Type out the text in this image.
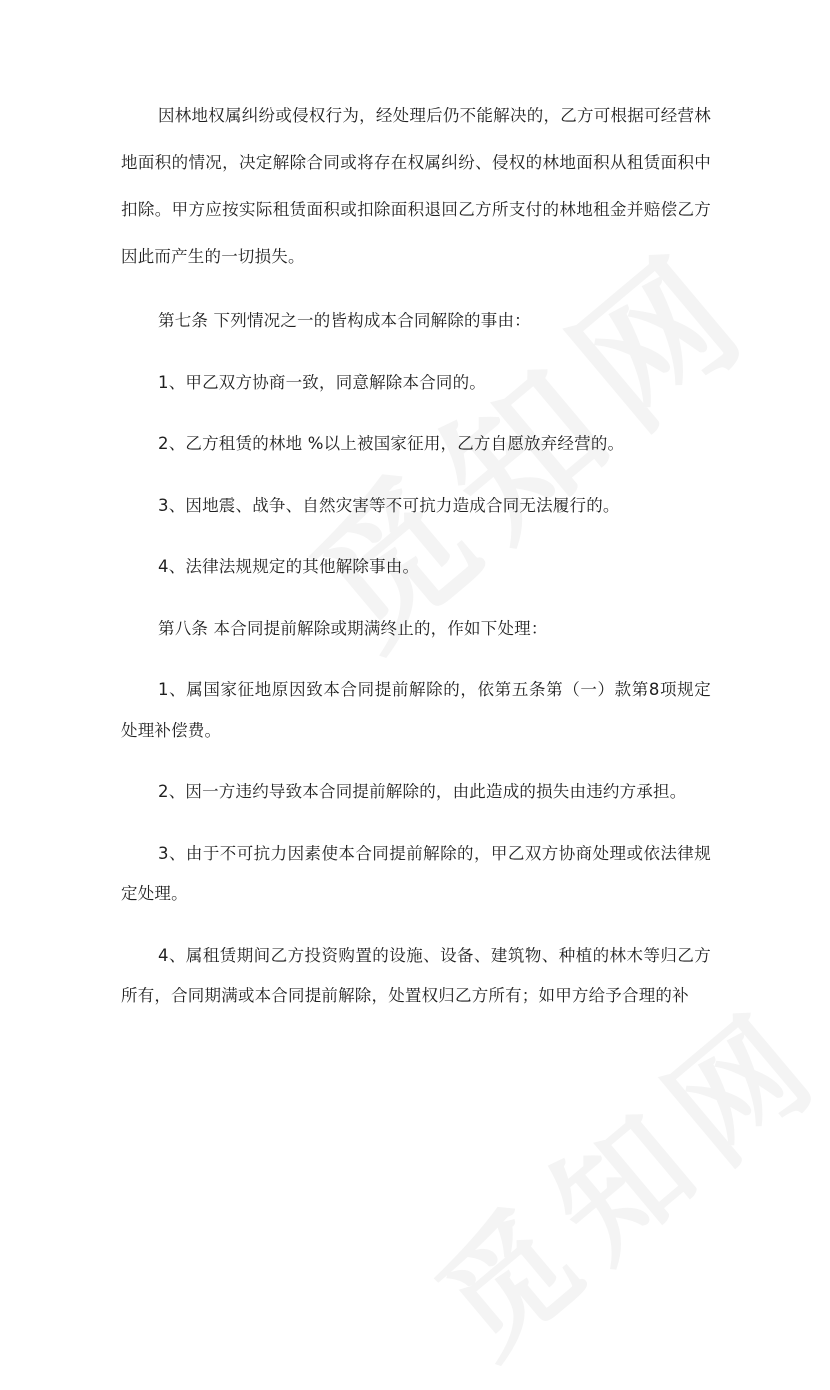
因林地权属纠纷或侵权行为，经处理后仍不能解决的，乙方可根据可经营林地面积的情况，决定解除合同或将存在权属纠纷、侵权的林地面积从租赁面积中扣除。甲方应按实际租赁面积或扣除面积退回乙方所支付的林地租金并赔偿乙方因此而产生的一切损失。

第七条 下列情况之一的皆构成本合同解除的事由：

1、甲乙双方协商一致，同意解除本合同的。

2、乙方租赁的林地 %以上被国家征用，乙方自愿放弃经营的。

3、因地震、战争、自然灾害等不可抗力造成合同无法履行的。

4、法律法规规定的其他解除事由。

第八条 本合同提前解除或期满终止的，作如下处理：

1、属国家征地原因致本合同提前解除的，依第五条第（一）款第8项规定处理补偿费。

2、因一方违约导致本合同提前解除的，由此造成的损失由违约方承担。

3、由于不可抗力因素使本合同提前解除的，甲乙双方协商处理或依法律规定处理。

4、属租赁期间乙方投资购置的设施、设备、建筑物、种植的林木等归乙方所有，合同期满或本合同提前解除，处置权归乙方所有；如甲方给予合理的补
